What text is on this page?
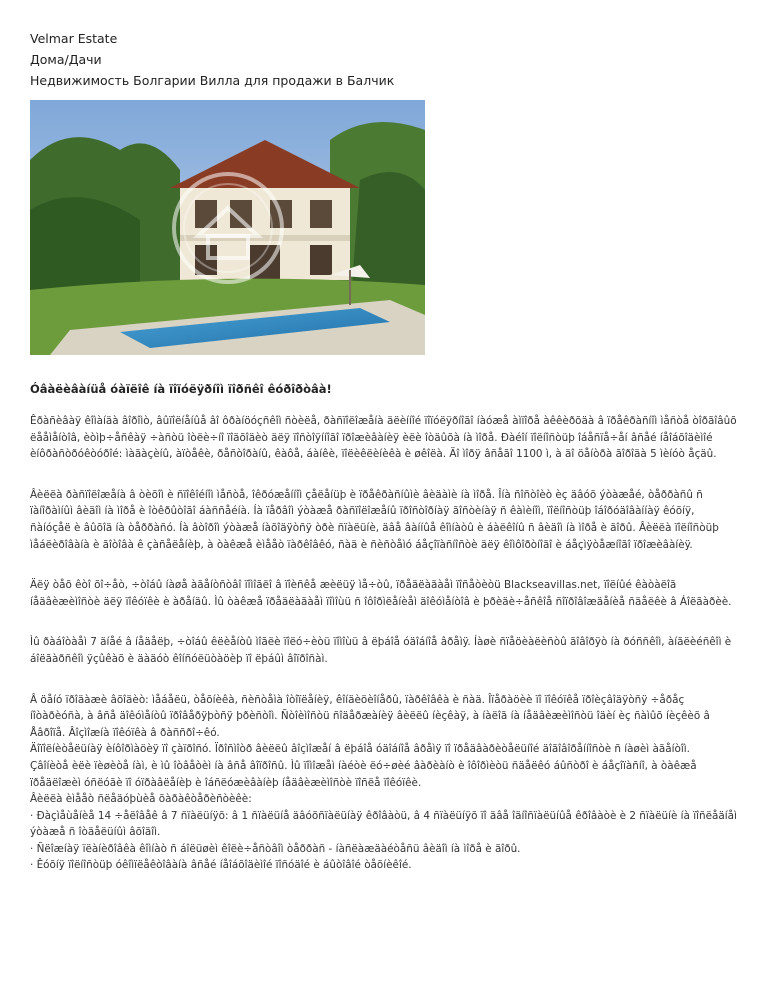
Velmar Estate
Дома/Дачи
Недвижимость Болгарии Вилла для продажи в Балчик
Óâàëèâàíüå óàïëîê íà ïîïóëÿðíîì ïîðñêî êóðîðòâà!

Êðàñèâàÿ êîìàíäà âîðîìò, âûïîëíåíûå âî ôðàíöóçñêîì ñòèëå, ðàñïîëîæåíà äëèííîé ïîïóëÿðíîãî íàóæå àìïîðå àêêèðõäà â ïðåêðàñíîì ìåñòå òîðãîâûõ ëååìåíòîâ, èòìþ÷åñêàÿ ÷àñòü îòëè÷íî ïîäõîäèò äëÿ ïîñòîÿííîãî ïðîæèâàíèÿ èëè îòäûõà íà ìîðå. Ðàéîí ïîëíîñòüþ îáåñïå÷åí âñåé íåîáõîäèìîé èíôðàñòðóêòóðîé: ìàãàçèíû, àïòåêè, ðåñòîðàíû, êàôå, áàíêè, ïîëèêëèíèêà è øêîëà. Äî ìîðÿ âñåãî 1100 ì, à äî öåíòðà ãîðîäà 5 ìèíóò åçäû.

Âèëëà ðàñïîëîæåíà â òèõîì è ñïîêîéíîì ìåñòå, îêðóæåííîì çåëåíüþ è ïðåêðàñíûìè âèäàìè íà ìîðå. Îíà ñîñòîèò èç äâóõ ýòàæåé, òåððàñû ñ ïàíîðàìíûì âèäîì íà ìîðå è îòêðûòîãî áàññåéíà. Íà ïåðâîì ýòàæå ðàñïîëîæåíû ïðîñòîðíàÿ ãîñòèíàÿ ñ êàìèíîì, ïîëíîñòüþ îáîðóäîâàííàÿ êóõíÿ, ñàíóçåë è âûõîä íà òåððàñó. Íà âòîðîì ýòàæå íàõîäÿòñÿ òðè ñïàëüíè, äâå âàííûå êîìíàòû è áàëêîíû ñ âèäîì íà ìîðå è ãîðû. Âèëëà ïîëíîñòüþ ìåáëèðîâàíà è ãîòîâà ê çàñåëåíèþ, à òàêæå èìååò ïàðêîâêó, ñàä è ñèñòåìó áåçîïàñíîñòè äëÿ êîìôîðòíîãî è áåçìÿòåæíîãî ïðîæèâàíèÿ.

Äëÿ òåõ êòî õî÷åò, ÷òîáû íàøå àãåíòñòâî ïîìîãëî â ïîèñêå æèëüÿ ìå÷òû, ïðåäëàãàåì ïîñåòèòü Blackseavillas.net, ïîëíûé êàòàëîã íåäâèæèìîñòè äëÿ ïîêóïêè è àðåíäû. Ìû òàêæå ïðåäëàãàåì ïîìîùü ñ îôîðìëåíèåì äîêóìåíòîâ è þðèäè÷åñêîå ñîïðîâîæäåíèå ñäåëêè â Áîëãàðèè.

Ìû ðàáîòàåì 7 äíåé â íåäåëþ, ÷òîáû êëèåíòû ìîãëè ïîëó÷èòü ïîìîùü â ëþáîå óäîáíîå âðåìÿ. Íàøè ñïåöèàëèñòû ãîâîðÿò íà ðóññêîì, àíãëèéñêîì è áîëãàðñêîì ÿçûêàõ è äàäóò êîíñóëüòàöèþ ïî ëþáûì âîïðîñàì.

Â öåíó ïðîäàæè âõîäèò: ìåáåëü, òåõíèêà, ñèñòåìà îòîïëåíèÿ, êîíäèöèîíåðû, ïàðêîâêà è ñàä. Îïåðàöèè ïî ïîêóïêå ïðîèçâîäÿòñÿ ÷åðåç íîòàðèóñà, à âñå äîêóìåíòû ïðîâåðÿþòñÿ þðèñòîì. Ñòîèìîñòü ñîäåðæàíèÿ âèëëû íèçêàÿ, à íàëîã íà íåäâèæèìîñòü îäèí èç ñàìûõ íèçêèõ â Åâðîïå. Âîçìîæíà ïîêóïêà â ðàññðî÷êó.
Äîïîëíèòåëüíàÿ èíôîðìàöèÿ ïî çàïðîñó. Ïðîñìîòð âèëëû âîçìîæåí â ëþáîå óäîáíîå âðåìÿ ïî ïðåäâàðèòåëüíîé äîãîâîðåííîñòè ñ íàøèì àãåíòîì.
Çâîíèòå èëè ïèøèòå íàì, è ìû îòâåòèì íà âñå âîïðîñû. Ìû ïîìîæåì íàéòè ëó÷øèé âàðèàíò è îôîðìèòü ñäåëêó áûñòðî è áåçîïàñíî, à òàêæå ïðåäëîæèì óñëóãè ïî óïðàâëåíèþ è îáñëóæèâàíèþ íåäâèæèìîñòè ïîñëå ïîêóïêè.
Âèëëà èìååò ñëåäóþùèå õàðàêòåðèñòèêè:
· Ðàçìåùåíèå 14 ÷åëîâåê â 7 ñïàëüíÿõ: â 1 ñïàëüíå äâóõñïàëüíàÿ êðîâàòü, â 4 ñïàëüíÿõ ïî äâå îäíîñïàëüíûå êðîâàòè è 2 ñïàëüíè íà ïîñëåäíåì ýòàæå ñ îòäåëüíûì âõîäîì.
· Ñëîæíàÿ ïëàíèðîâêà êîìíàò ñ áîëüøèì êîëè÷åñòâîì òåððàñ - íàñëàæäàéòåñü âèäîì íà ìîðå è ãîðû.
· Êóõíÿ ïîëíîñòüþ óêîìïëåêòîâàíà âñåé íåîáõîäèìîé ïîñóäîé è áûòîâîé òåõíèêîé.
